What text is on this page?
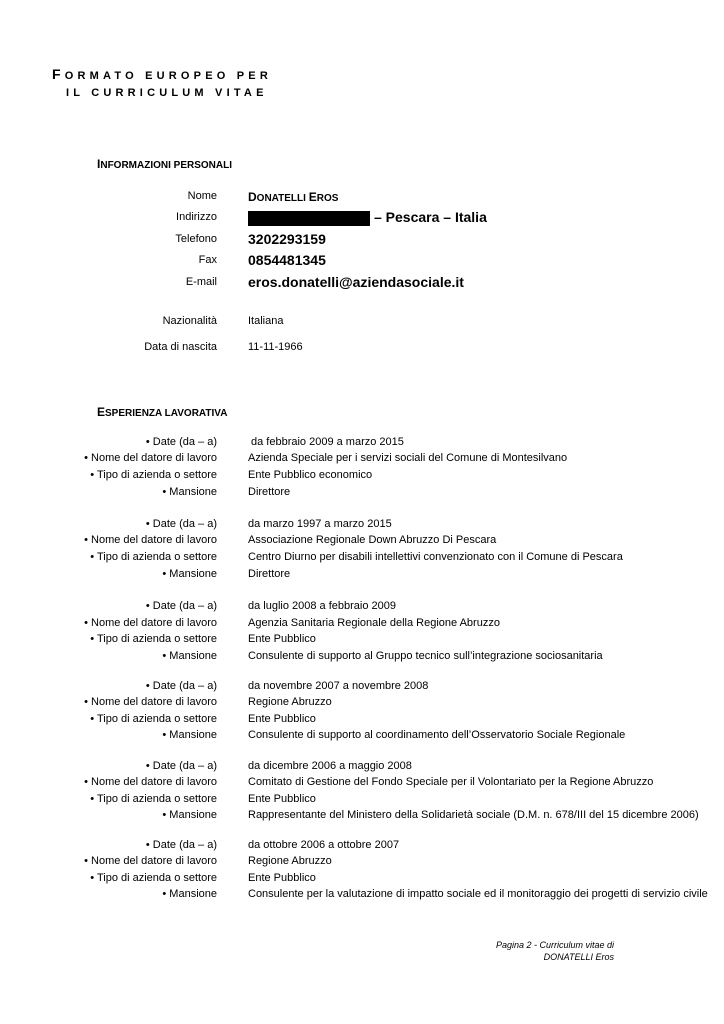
FORMATO EUROPEO PER
IL CURRICULUM VITAE
INFORMAZIONI PERSONALI
Nome	DONATELLI EROS
Indirizzo	– Pescara – Italia
Telefono 3202293159
Fax 0854481345
E-mail eros.donatelli@aziendasociale.it
Nazionalità	Italiana
Data di nascita	11-11-1966
ESPERIENZA LAVORATIVA
• Date (da – a)	da febbraio 2009 a marzo 2015
• Nome del datore di lavoro	Azienda Speciale per i servizi sociali del Comune di Montesilvano
• Tipo di azienda o settore	Ente Pubblico economico
• Mansione	Direttore
• Date (da – a)	da marzo 1997 a marzo 2015
• Nome del datore di lavoro	Associazione Regionale Down Abruzzo Di Pescara
• Tipo di azienda o settore	Centro Diurno per disabili intellettivi convenzionato con il Comune di Pescara
• Mansione	Direttore
• Date (da – a)	da luglio 2008 a febbraio 2009
• Nome del datore di lavoro	Agenzia Sanitaria Regionale della Regione Abruzzo
• Tipo di azienda o settore	Ente Pubblico
• Mansione	Consulente di supporto al Gruppo tecnico sull’integrazione sociosanitaria
• Date (da – a)	da novembre 2007 a novembre 2008
• Nome del datore di lavoro	Regione Abruzzo
• Tipo di azienda o settore	Ente Pubblico
• Mansione	Consulente di supporto al coordinamento dell’Osservatorio Sociale Regionale
• Date (da – a)	da dicembre 2006 a maggio 2008
• Nome del datore di lavoro	Comitato di Gestione del Fondo Speciale per il Volontariato per la Regione Abruzzo
• Tipo di azienda o settore	Ente Pubblico
• Mansione	Rappresentante del Ministero della Solidarietà sociale (D.M. n. 678/III del 15 dicembre 2006)
• Date (da – a)	da ottobre 2006 a ottobre 2007
• Nome del datore di lavoro	Regione Abruzzo
• Tipo di azienda o settore	Ente Pubblico
• Mansione	Consulente per la valutazione di impatto sociale ed il monitoraggio dei progetti di servizio civile
Pagina 2 - Curriculum vitae di
DONATELLI Eros
